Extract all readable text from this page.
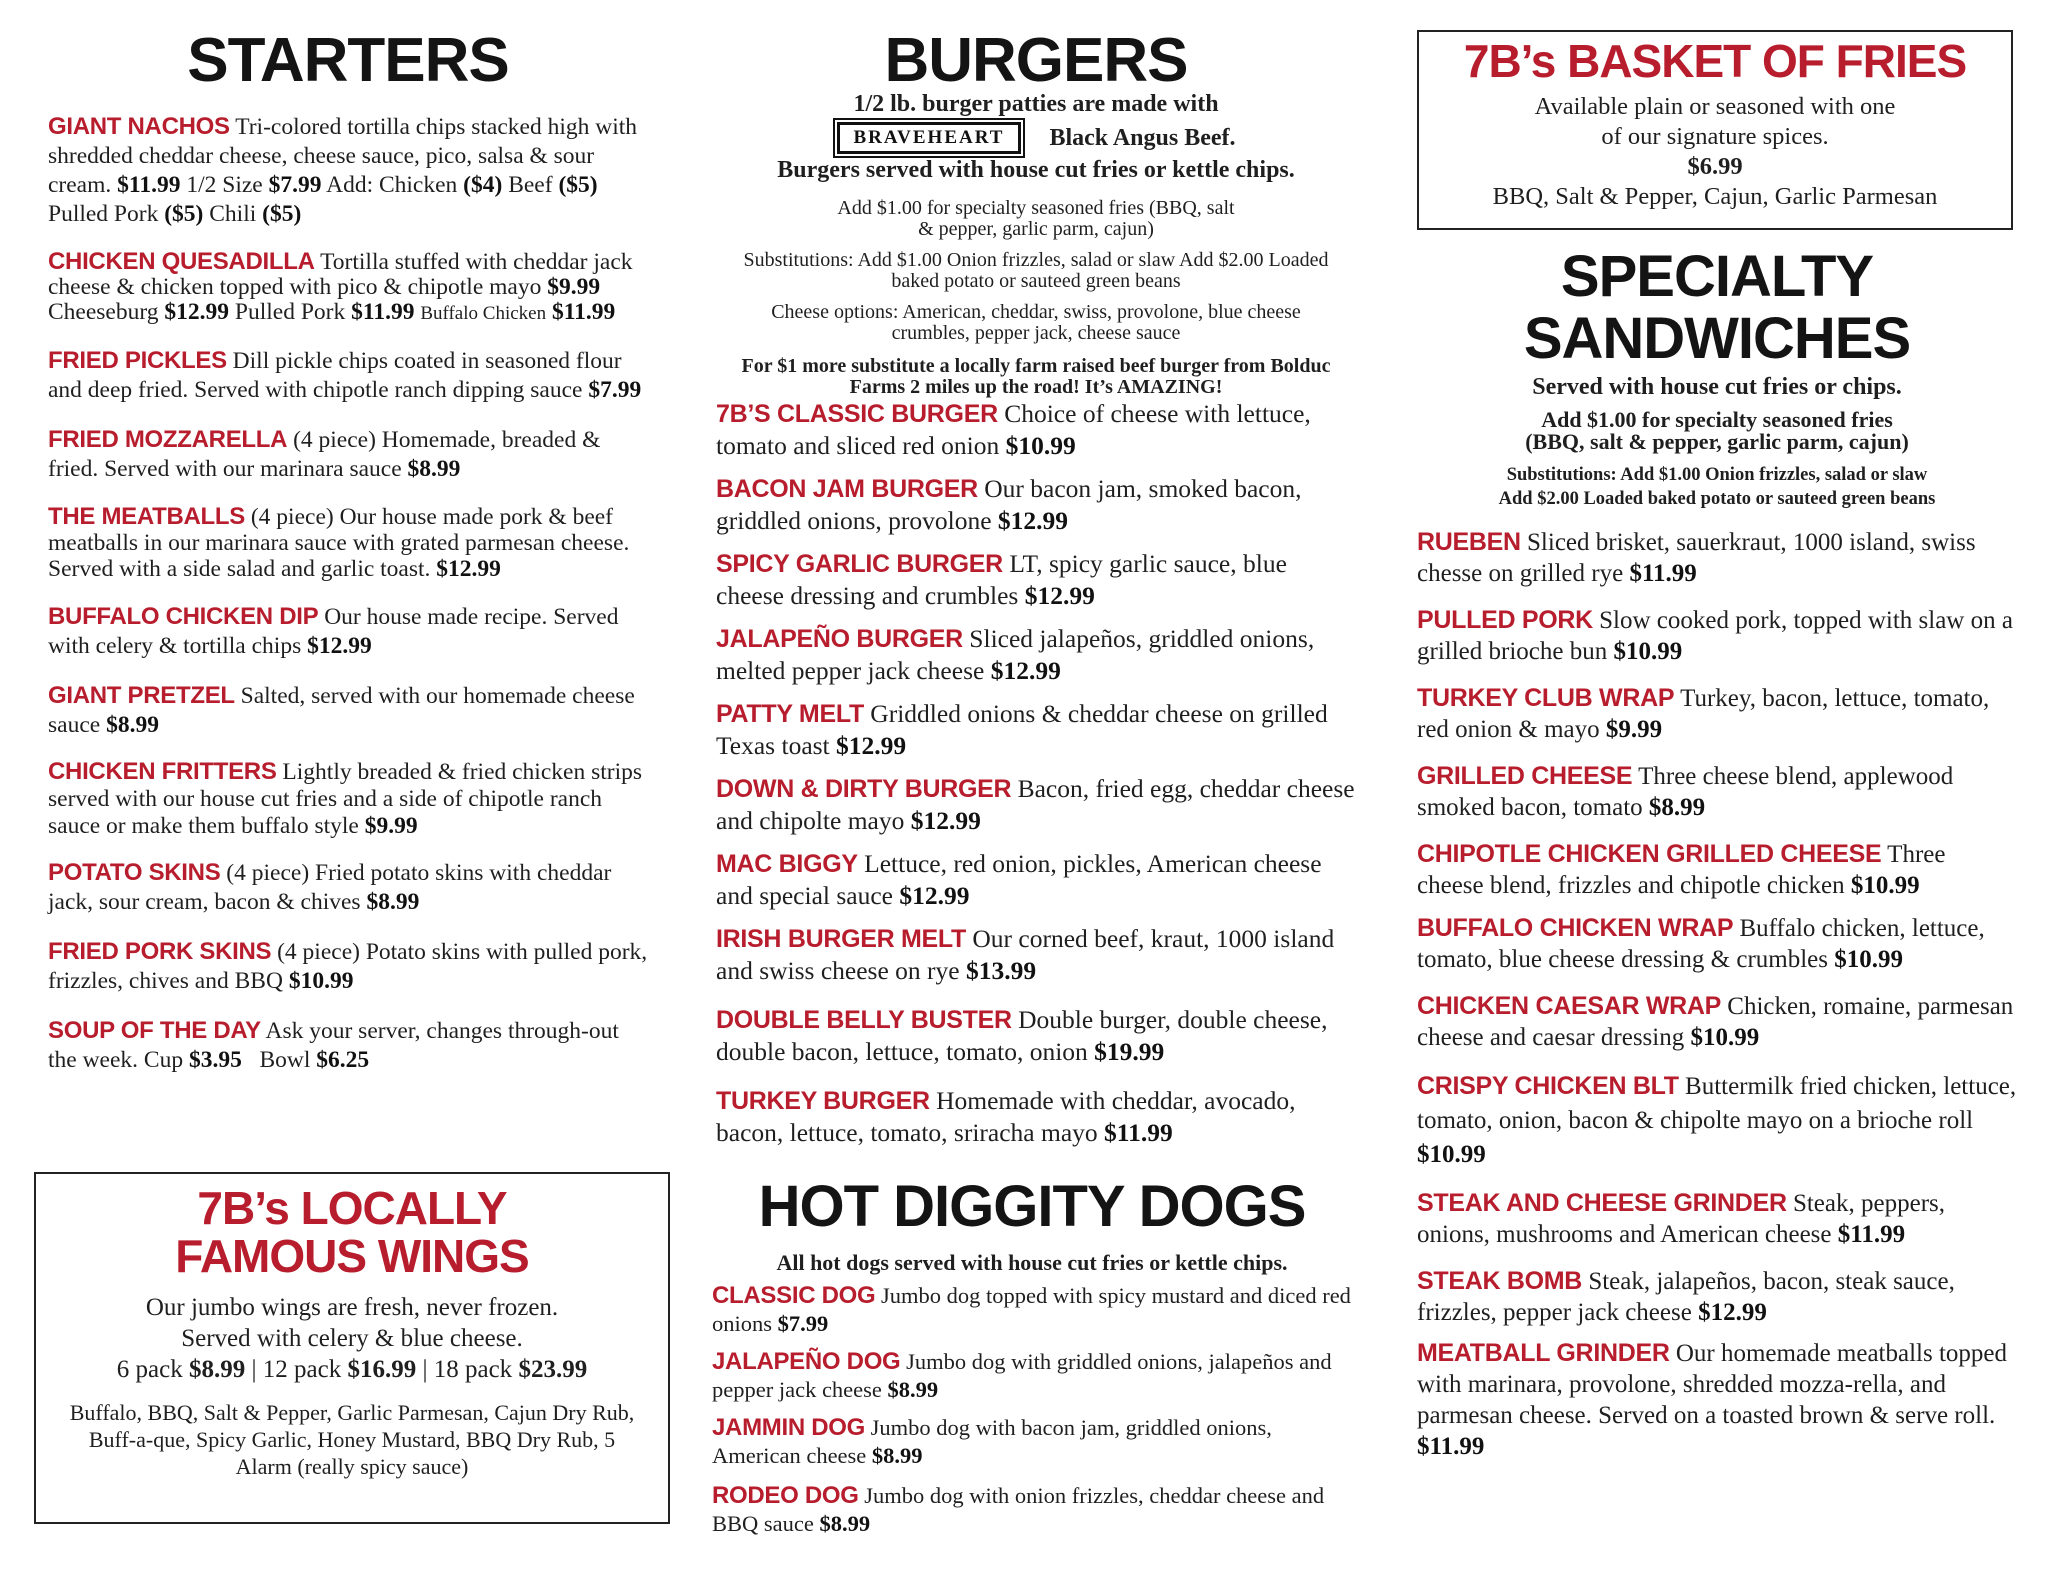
STARTERS
GIANT NACHOS Tri-colored tortilla chips stacked high with shredded cheddar cheese, cheese sauce, pico, salsa & sour cream. $11.99 1/2 Size $7.99 Add: Chicken ($4) Beef ($5) Pulled Pork ($5) Chili ($5)
CHICKEN QUESADILLA Tortilla stuffed with cheddar jack cheese & chicken topped with pico & chipotle mayo $9.99 Cheeseburg $12.99 Pulled Pork $11.99 Buffalo Chicken $11.99
FRIED PICKLES Dill pickle chips coated in seasoned flour and deep fried. Served with chipotle ranch dipping sauce $7.99
FRIED MOZZARELLA (4 piece) Homemade, breaded & fried. Served with our marinara sauce $8.99
THE MEATBALLS (4 piece) Our house made pork & beef meatballs in our marinara sauce with grated parmesan cheese. Served with a side salad and garlic toast. $12.99
BUFFALO CHICKEN DIP Our house made recipe. Served with celery & tortilla chips $12.99
GIANT PRETZEL Salted, served with our homemade cheese sauce $8.99
CHICKEN FRITTERS Lightly breaded & fried chicken strips served with our house cut fries and a side of chipotle ranch sauce or make them buffalo style $9.99
POTATO SKINS (4 piece) Fried potato skins with cheddar jack, sour cream, bacon & chives $8.99
FRIED PORK SKINS (4 piece) Potato skins with pulled pork, frizzles, chives and BBQ $10.99
SOUP OF THE DAY Ask your server, changes through-out the week. Cup $3.95 Bowl $6.25
7B’s LOCALLY
FAMOUS WINGS
Our jumbo wings are fresh, never frozen.
Served with celery & blue cheese.
6 pack $8.99 | 12 pack $16.99 | 18 pack $23.99
Buffalo, BBQ, Salt & Pepper, Garlic Parmesan, Cajun Dry Rub, Buff-a-que, Spicy Garlic, Honey Mustard, BBQ Dry Rub, 5 Alarm (really spicy sauce)
BURGERS
1/2 lb. burger patties are made with
BRAVEHEART	Black Angus Beef.
Burgers served with house cut fries or kettle chips.
Add $1.00 for specialty seasoned fries (BBQ, salt & pepper, garlic parm, cajun)
Substitutions: Add $1.00 Onion frizzles, salad or slaw Add $2.00 Loaded baked potato or sauteed green beans
Cheese options: American, cheddar, swiss, provolone, blue cheese crumbles, pepper jack, cheese sauce
For $1 more substitute a locally farm raised beef burger from Bolduc Farms 2 miles up the road! It’s AMAZING!
7B’S CLASSIC BURGER Choice of cheese with lettuce, tomato and sliced red onion $10.99
BACON JAM BURGER Our bacon jam, smoked bacon, griddled onions, provolone $12.99
SPICY GARLIC BURGER LT, spicy garlic sauce, blue cheese dressing and crumbles $12.99
JALAPEÑO BURGER Sliced jalapeños, griddled onions, melted pepper jack cheese $12.99
PATTY MELT Griddled onions & cheddar cheese on grilled Texas toast $12.99
DOWN & DIRTY BURGER Bacon, fried egg, cheddar cheese and chipolte mayo $12.99
MAC BIGGY Lettuce, red onion, pickles, American cheese and special sauce $12.99
IRISH BURGER MELT Our corned beef, kraut, 1000 island and swiss cheese on rye $13.99
DOUBLE BELLY BUSTER Double burger, double cheese, double bacon, lettuce, tomato, onion $19.99
TURKEY BURGER Homemade with cheddar, avocado, bacon, lettuce, tomato, sriracha mayo $11.99
HOT DIGGITY DOGS
All hot dogs served with house cut fries or kettle chips.
CLASSIC DOG Jumbo dog topped with spicy mustard and diced red onions $7.99
JALAPEÑO DOG Jumbo dog with griddled onions, jalapeños and pepper jack cheese $8.99
JAMMIN DOG Jumbo dog with bacon jam, griddled onions, American cheese $8.99
RODEO DOG Jumbo dog with onion frizzles, cheddar cheese and BBQ sauce $8.99
7B’s BASKET OF FRIES
Available plain or seasoned with one
of our signature spices.
$6.99
BBQ, Salt & Pepper, Cajun, Garlic Parmesan
SPECIALTY
SANDWICHES
Served with house cut fries or chips.
Add $1.00 for specialty seasoned fries
(BBQ, salt & pepper, garlic parm, cajun)
Substitutions: Add $1.00 Onion frizzles, salad or slaw
Add $2.00 Loaded baked potato or sauteed green beans
RUEBEN Sliced brisket, sauerkraut, 1000 island, swiss chesse on grilled rye $11.99
PULLED PORK Slow cooked pork, topped with slaw on a grilled brioche bun $10.99
TURKEY CLUB WRAP Turkey, bacon, lettuce, tomato, red onion & mayo $9.99
GRILLED CHEESE Three cheese blend, applewood smoked bacon, tomato $8.99
CHIPOTLE CHICKEN GRILLED CHEESE Three cheese blend, frizzles and chipotle chicken $10.99
BUFFALO CHICKEN WRAP Buffalo chicken, lettuce, tomato, blue cheese dressing & crumbles $10.99
CHICKEN CAESAR WRAP Chicken, romaine, parmesan cheese and caesar dressing $10.99
CRISPY CHICKEN BLT Buttermilk fried chicken, lettuce, tomato, onion, bacon & chipolte mayo on a brioche roll $10.99
STEAK AND CHEESE GRINDER Steak, peppers, onions, mushrooms and American cheese $11.99
STEAK BOMB Steak, jalapeños, bacon, steak sauce, frizzles, pepper jack cheese $12.99
MEATBALL GRINDER Our homemade meatballs topped with marinara, provolone, shredded mozza-rella, and parmesan cheese. Served on a toasted brown & serve roll. $11.99
